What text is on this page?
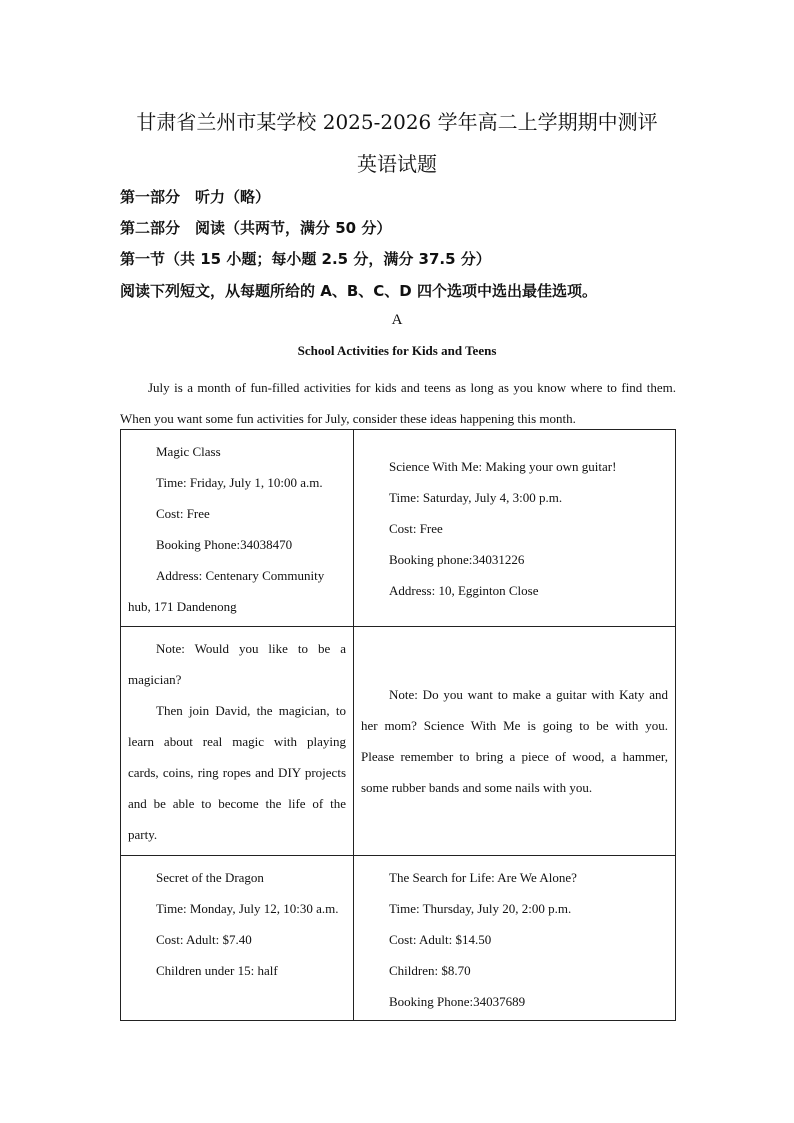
甘肃省兰州市某学校 2025-2026 学年高二上学期期中测评
英语试题
第一部分　听力（略）
第二部分　阅读（共两节，满分 50 分）
第一节（共 15 小题；每小题 2.5 分，满分 37.5 分）
阅读下列短文，从每题所给的 A、B、C、D 四个选项中选出最佳选项。
A
School Activities for Kids and Teens
July is a month of fun-filled activities for kids and teens as long as you know where to find them. When you want some fun activities for July, consider these ideas happening this month.
Magic Class
Time: Friday, July 1, 10:00 a.m.
Cost: Free
Booking Phone:34038470
Address: Centenary Community hub, 171 Dandenong	Science With Me: Making your own guitar!
Time: Saturday, July 4, 3:00 p.m.
Cost: Free
Booking phone:34031226
Address: 10, Egginton Close

Note: Would you like to be a magician?
Then join David, the magician, to learn about real magic with playing cards, coins, ring ropes and DIY projects and be able to become the life of the party.	Note: Do you want to make a guitar with Katy and her mom? Science With Me is going to be with you. Please remember to bring a piece of wood, a hammer, some rubber bands and some nails with you.

Secret of the Dragon
Time: Monday, July 12, 10:30 a.m.
Cost: Adult: $7.40
Children under 15: half	The Search for Life: Are We Alone?
Time: Thursday, July 20, 2:00 p.m.
Cost: Adult: $14.50
Children: $8.70
Booking Phone:34037689
